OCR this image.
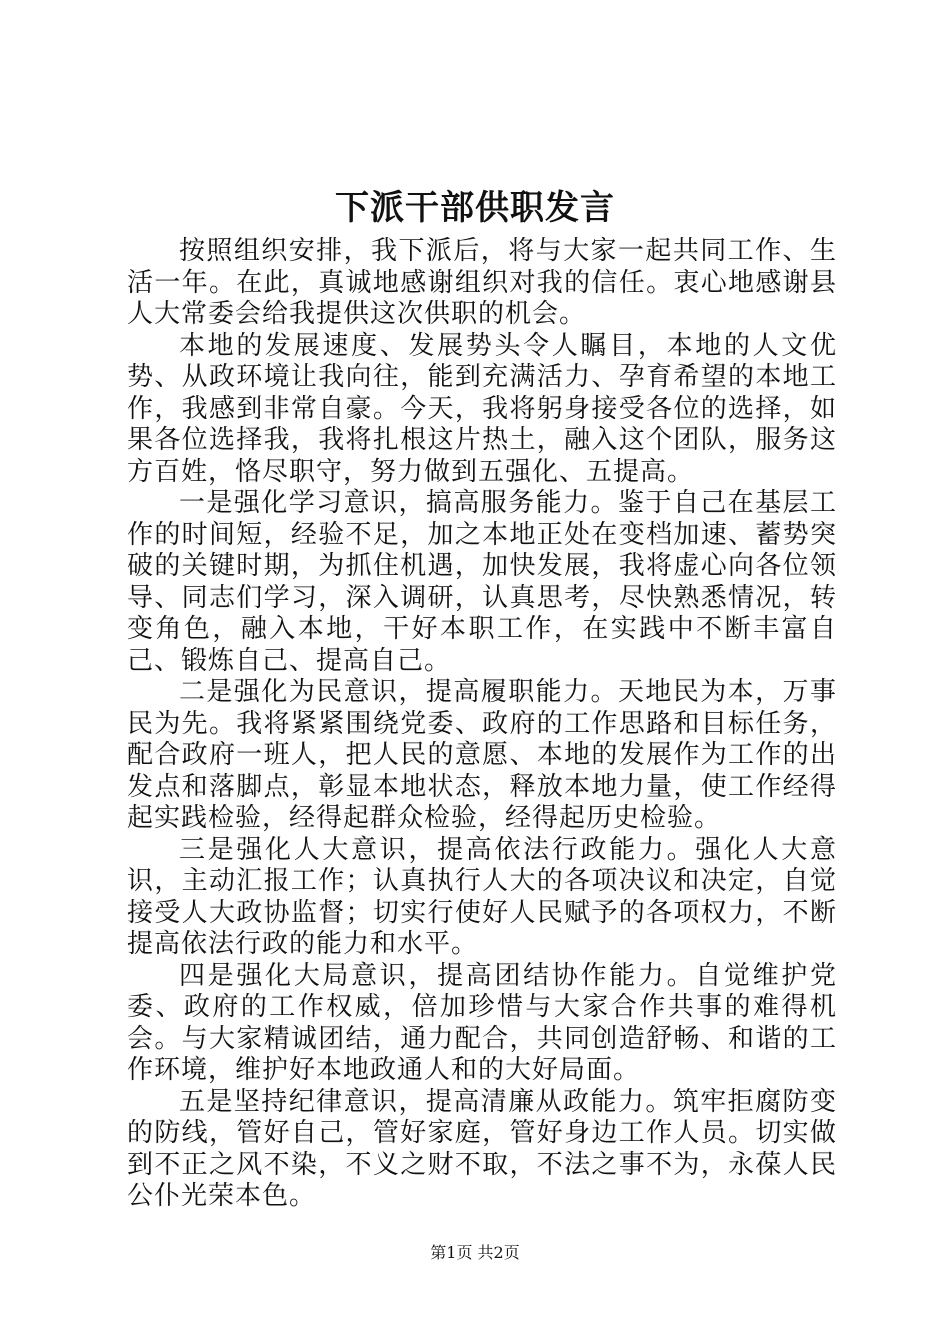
下派干部供职发言

按照组织安排，我下派后，将与大家一起共同工作、生活一年。在此，真诚地感谢组织对我的信任。衷心地感谢县人大常委会给我提供这次供职的机会。

本地的发展速度、发展势头令人瞩目，本地的人文优势、从政环境让我向往，能到充满活力、孕育希望的本地工作，我感到非常自豪。今天，我将躬身接受各位的选择，如果各位选择我，我将扎根这片热土，融入这个团队，服务这方百姓，恪尽职守，努力做到五强化、五提高。

一是强化学习意识，搞高服务能力。鉴于自己在基层工作的时间短，经验不足，加之本地正处在变档加速、蓄势突破的关键时期，为抓住机遇，加快发展，我将虚心向各位领导、同志们学习，深入调研，认真思考，尽快熟悉情况，转变角色，融入本地，干好本职工作，在实践中不断丰富自己、锻炼自己、提高自己。

二是强化为民意识，提高履职能力。天地民为本，万事民为先。我将紧紧围绕党委、政府的工作思路和目标任务，配合政府一班人，把人民的意愿、本地的发展作为工作的出发点和落脚点，彰显本地状态，释放本地力量，使工作经得起实践检验，经得起群众检验，经得起历史检验。

三是强化人大意识，提高依法行政能力。强化人大意识，主动汇报工作；认真执行人大的各项决议和决定，自觉接受人大政协监督；切实行使好人民赋予的各项权力，不断提高依法行政的能力和水平。

四是强化大局意识，提高团结协作能力。自觉维护党委、政府的工作权威，倍加珍惜与大家合作共事的难得机会。与大家精诚团结，通力配合，共同创造舒畅、和谐的工作环境，维护好本地政通人和的大好局面。

五是坚持纪律意识，提高清廉从政能力。筑牢拒腐防变的防线，管好自己，管好家庭，管好身边工作人员。切实做到不正之风不染，不义之财不取，不法之事不为，永葆人民公仆光荣本色。

第1页 共2页
